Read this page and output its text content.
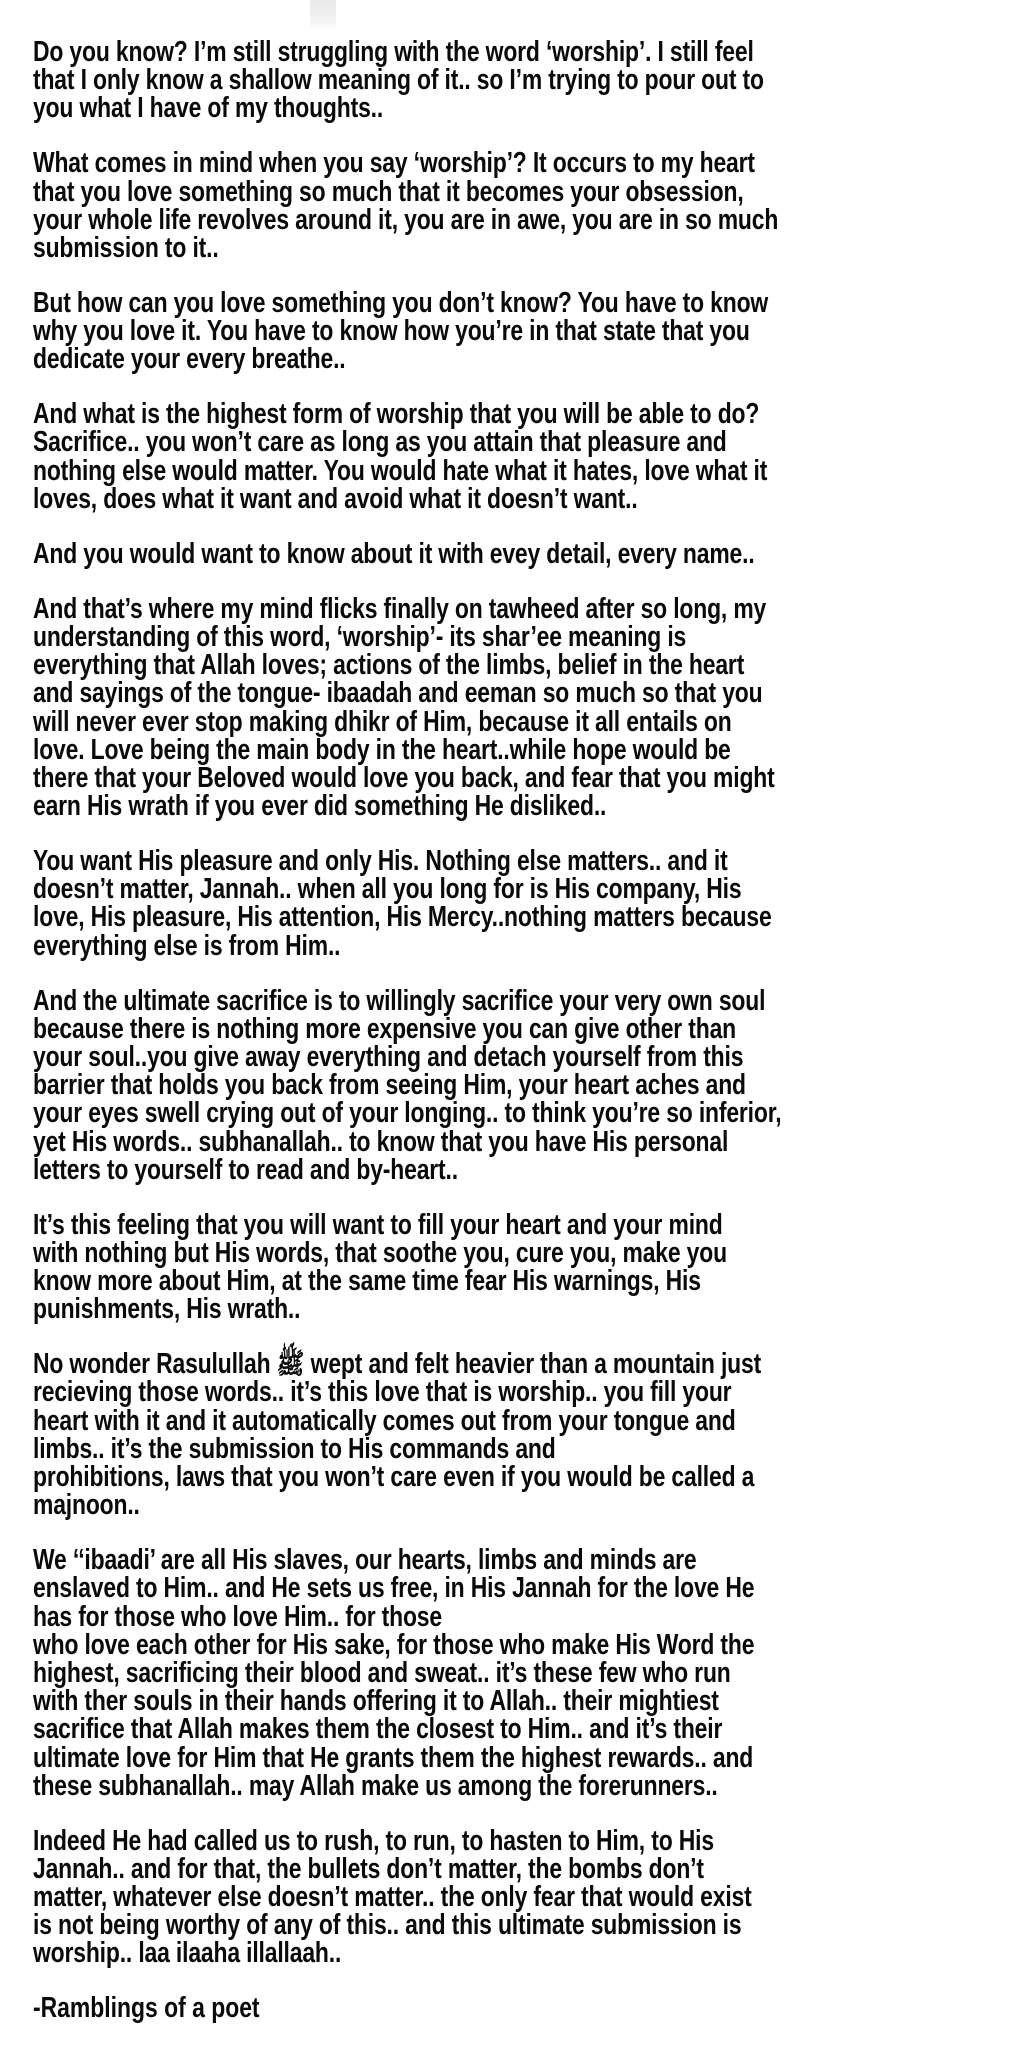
Do you know? I’m still struggling with the word ‘worship’. I still feel
that I only know a shallow meaning of it.. so I’m trying to pour out to
you what I have of my thoughts..
What comes in mind when you say ‘worship’? It occurs to my heart
that you love something so much that it becomes your obsession,
your whole life revolves around it, you are in awe, you are in so much
submission to it..
But how can you love something you don’t know? You have to know
why you love it. You have to know how you’re in that state that you
dedicate your every breathe..
And what is the highest form of worship that you will be able to do?
Sacrifice.. you won’t care as long as you attain that pleasure and
nothing else would matter. You would hate what it hates, love what it
loves, does what it want and avoid what it doesn’t want..
And you would want to know about it with evey detail, every name..
And that’s where my mind flicks finally on tawheed after so long, my
understanding of this word, ‘worship’- its shar’ee meaning is
everything that Allah loves; actions of the limbs, belief in the heart
and sayings of the tongue- ibaadah and eeman so much so that you
will never ever stop making dhikr of Him, because it all entails on
love. Love being the main body in the heart..while hope would be
there that your Beloved would love you back, and fear that you might
earn His wrath if you ever did something He disliked..
You want His pleasure and only His. Nothing else matters.. and it
doesn’t matter, Jannah.. when all you long for is His company, His
love, His pleasure, His attention, His Mercy..nothing matters because
everything else is from Him..
And the ultimate sacrifice is to willingly sacrifice your very own soul
because there is nothing more expensive you can give other than
your soul..you give away everything and detach yourself from this
barrier that holds you back from seeing Him, your heart aches and
your eyes swell crying out of your longing.. to think you’re so inferior,
yet His words.. subhanallah.. to know that you have His personal
letters to yourself to read and by-heart..
It’s this feeling that you will want to fill your heart and your mind
with nothing but His words, that soothe you, cure you, make you
know more about Him, at the same time fear His warnings, His
punishments, His wrath..
No wonder Rasulullah ﷺ wept and felt heavier than a mountain just
recieving those words.. it’s this love that is worship.. you fill your
heart with it and it automatically comes out from your tongue and
limbs.. it’s the submission to His commands and
prohibitions, laws that you won’t care even if you would be called a
majnoon..
We ‘‘ibaadi’ are all His slaves, our hearts, limbs and minds are
enslaved to Him.. and He sets us free, in His Jannah for the love He
has for those who love Him.. for those
who love each other for His sake, for those who make His Word the
highest, sacrificing their blood and sweat.. it’s these few who run
with ther souls in their hands offering it to Allah.. their mightiest
sacrifice that Allah makes them the closest to Him.. and it’s their
ultimate love for Him that He grants them the highest rewards.. and
these subhanallah.. may Allah make us among the forerunners..
Indeed He had called us to rush, to run, to hasten to Him, to His
Jannah.. and for that, the bullets don’t matter, the bombs don’t
matter, whatever else doesn’t matter.. the only fear that would exist
is not being worthy of any of this.. and this ultimate submission is
worship.. laa ilaaha illallaah..
-Ramblings of a poet
